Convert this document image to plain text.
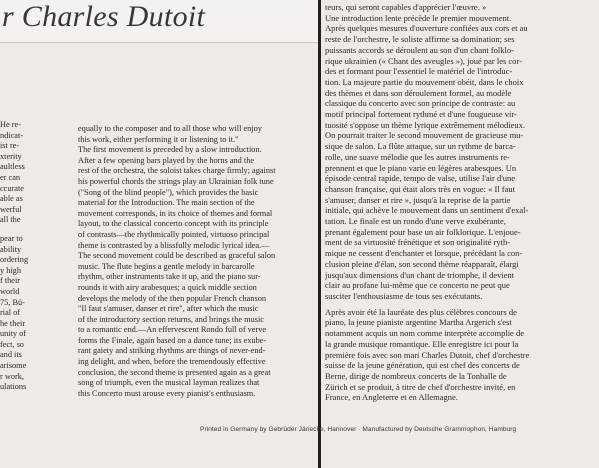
r Charles Dutoit
He re-
ndicat-
ist re-
xterity
aultless
er can
ccurate
able as
werful
all the
pear to
ability
ordering
y high
f their
world
75, Bü-
rial of
he their
unity of
fect, so
and its
arisome
r work,
ulations
equally to the composer and to all those who will enjoy
this work, either performing it or listening to it."
The first movement is preceded by a slow introduction.
After a few opening bars played by the horns and the
rest of the orchestra, the soloist takes charge firmly; against
his powerful chords the strings play an Ukrainian folk tune
("Song of the blind people"), which provides the basic
material for the Introduction. The main section of the
movement corresponds, in its choice of themes and formal
layout, to the classical concerto concept with its principle
of contrasts—the rhythmically pointed, virtuoso principal
theme is contrasted by a blissfully melodic lyrical idea.—
The second movement could be described as graceful salon
music. The flute begins a gentle melody in barcarolle
rhythm, other instruments take it up, and the piano sur-
rounds it with airy arabesques; a quick middle section
develops the melody of the then popular French chanson
"Il faut s'amuser, danser et rire", after which the music
of the introductory section returns, and brings the music
to a romantic end.—An effervescent Rondo full of verve
forms the Finale, again based on a dance tune; its exube-
rant gaiety and striking rhythms are things of never-end-
ing delight, and when, before the tremendously effective
conclusion, the second theme is presented again as a great
song of triumph, even the musical layman realizes that
this Concerto must arouse every pianist's enthusiasm.
teurs, qui seront capables d'apprécier l'œuvre. »
Une introduction lente précède le premier mouvement.
Après quelques mesures d'ouverture confiées aux cors et au
reste de l'orchestre, le soliste affirme sa domination; ses
puissants accords se déroulent au son d'un chant folklo-
rique ukrainien (« Chant des aveugles »), joué par les cor-
des et formant pour l'essentiel le matériel de l'introduc-
tion. La majeure partie du mouvement obéit, dans le choix
des thèmes et dans son déroulement formel, au modèle
classique du concerto avec son principe de contraste: au
motif principal fortement rythmé et d'une fougueuse vir-
tuosité s'oppose un thème lyrique extrêmement mélodieux.
On pourrait traiter le second mouvement de gracieuse mu-
sique de salon. La flûte attaque, sur un rythme de barca-
rolle, une suave mélodie que les autres instruments re-
prennent et que le piano varie en légères arabesques. Un
épisode central rapide, tempo de valse, utilise l'air d'une
chanson française, qui était alors très en vogue: « Il faut
s'amuser, danser et rire », jusqu'à la reprise de la partie
initiale, qui achève le mouvement dans un sentiment d'exal-
tation. Le finale est un rondo d'une verve exubérante,
prenant également pour base un air folklorique. L'enjoue-
ment de sa virtuosité frénétique et son originalité ryth-
mique ne cessent d'enchanter et lorsque, précédant la con-
clusion pleine d'élan, son second thème réapparaît, élargi
jusqu'aux dimensions d'un chant de triomphe, il devient
clair au profane lui-même que ce concerto ne peut que
susciter l'enthousiasme de tous ses exécutants.
Après avoir été la lauréate des plus célèbres concours de
piano, la jeune pianiste argentine Martha Argerich s'est
notamment acquis un nom comme interprète accomplie de
la grande musique romantique. Elle enregistre ici pour la
première fois avec son mari Charles Dutoit, chef d'orchestre
suisse de la jeune génération, qui est chef des concerts de
Berne, dirige de nombreux concerts de la Tonhalle de
Zürich et se produit, à titre de chef d'orchestre invité, en
France, en Angleterre et en Allemagne.
Printed in Germany by Gebrüder Jänecke, Hannover · Manufactured by Deutsche Grammophon, Hamburg
